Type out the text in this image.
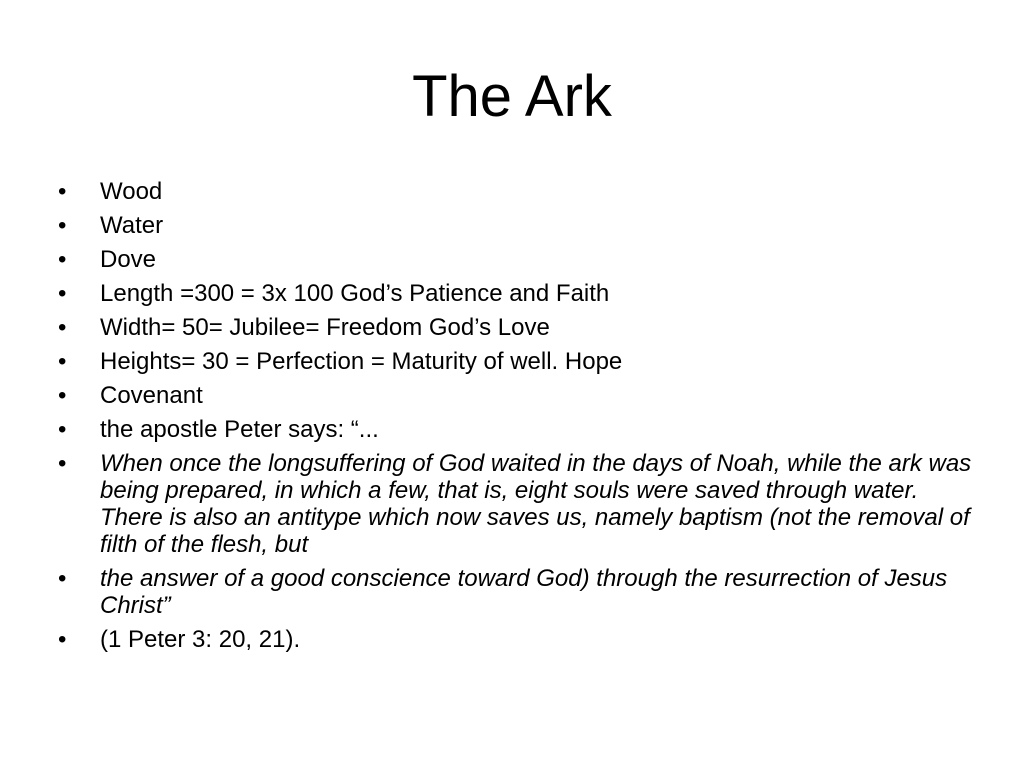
The Ark
•	Wood
•	Water
•	Dove
•	Length =300 = 3x 100 God’s Patience and Faith
•	Width= 50= Jubilee= Freedom God’s Love
•	Heights= 30 = Perfection = Maturity of well. Hope
•	Covenant
•	the apostle Peter says: “...
•	When once the longsuffering of God waited in the days of Noah, while the ark was being prepared, in which a few, that is, eight souls were saved through water. There is also an antitype which now saves us, namely baptism (not the removal of filth of the flesh, but
•	the answer of a good conscience toward God) through the resurrection of Jesus Christ”
•	(1 Peter 3: 20, 21).
